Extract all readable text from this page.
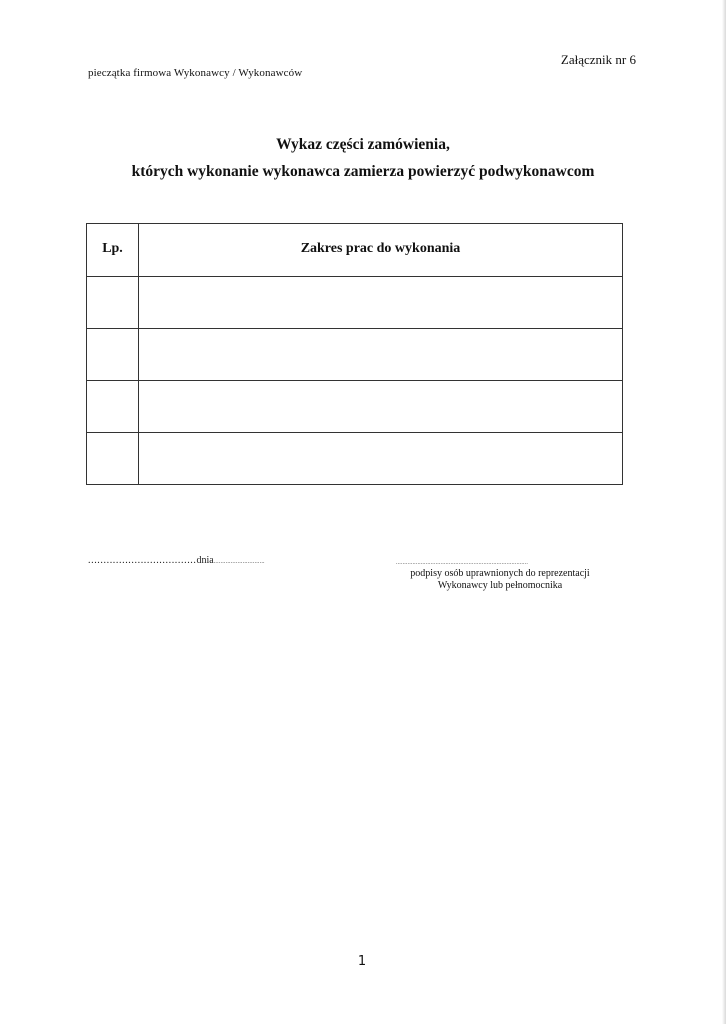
Załącznik nr 6
pieczątka firmowa Wykonawcy / Wykonawców
Wykaz części zamówienia,
których wykonanie wykonawca zamierza powierzyć podwykonawcom
Lp.	Zakres prac do wykonania

...................................dnia..............................	................................................................................
podpisy osób uprawnionych do reprezentacji
Wykonawcy lub pełnomocnika
1
